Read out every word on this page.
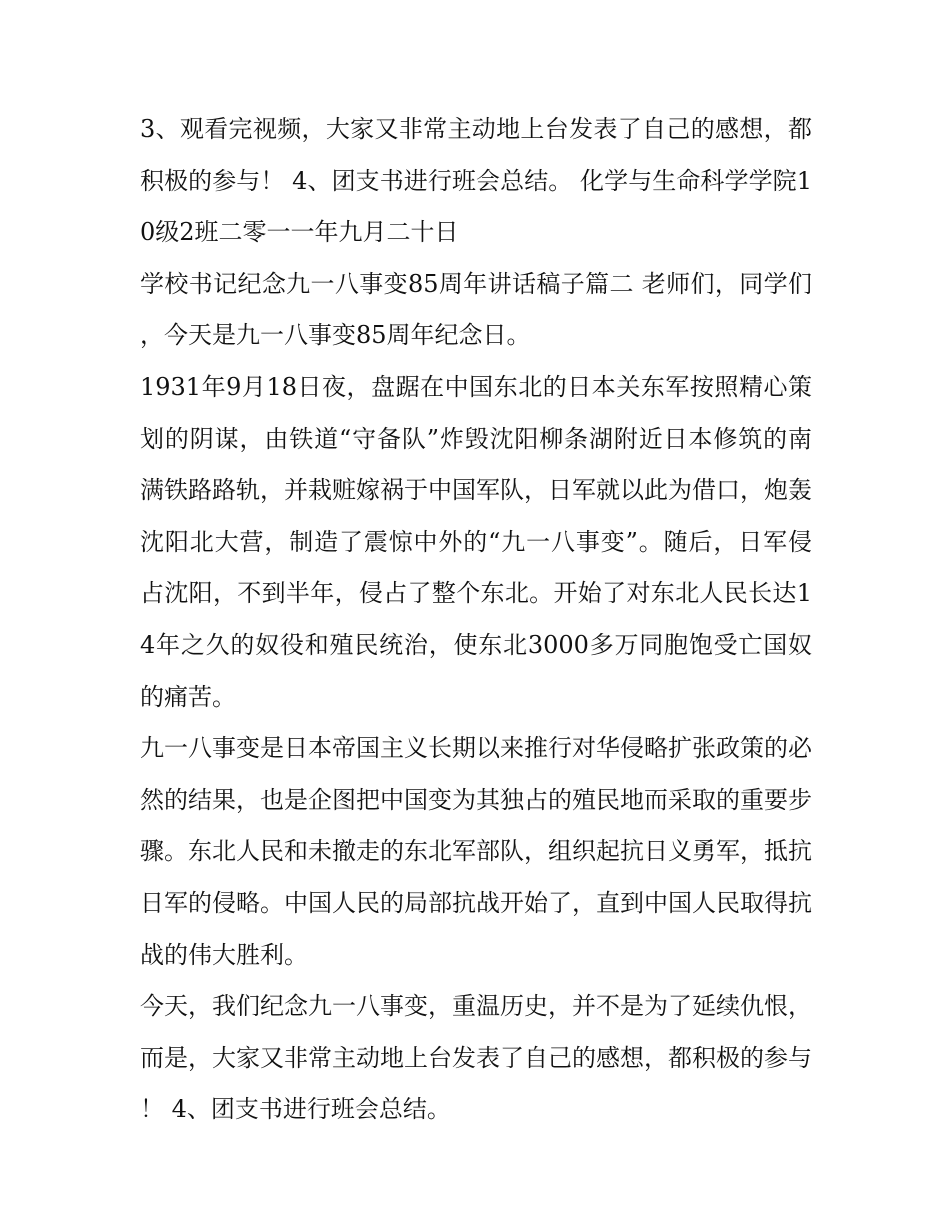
3、观看完视频，大家又非常主动地上台发表了自己的感想，都积极的参与！ 4、团支书进行班会总结。 化学与生命科学学院10级2班二零一一年九月二十日

学校书记纪念九一八事变85周年讲话稿子篇二 老师们，同学们，今天是九一八事变85周年纪念日。

1931年9月18日夜，盘踞在中国东北的日本关东军按照精心策划的阴谋，由铁道“守备队”炸毁沈阳柳条湖附近日本修筑的南满铁路路轨，并栽赃嫁祸于中国军队，日军就以此为借口，炮轰沈阳北大营，制造了震惊中外的“九一八事变”。随后，日军侵占沈阳，不到半年，侵占了整个东北。开始了对东北人民长达14年之久的奴役和殖民统治，使东北3000多万同胞饱受亡国奴的痛苦。

九一八事变是日本帝国主义长期以来推行对华侵略扩张政策的必然的结果，也是企图把中国变为其独占的殖民地而采取的重要步骤。东北人民和未撤走的东北军部队，组织起抗日义勇军，抵抗日军的侵略。中国人民的局部抗战开始了，直到中国人民取得抗战的伟大胜利。

今天，我们纪念九一八事变，重温历史，并不是为了延续仇恨，而是，大家又非常主动地上台发表了自己的感想，都积极的参与！ 4、团支书进行班会总结。
